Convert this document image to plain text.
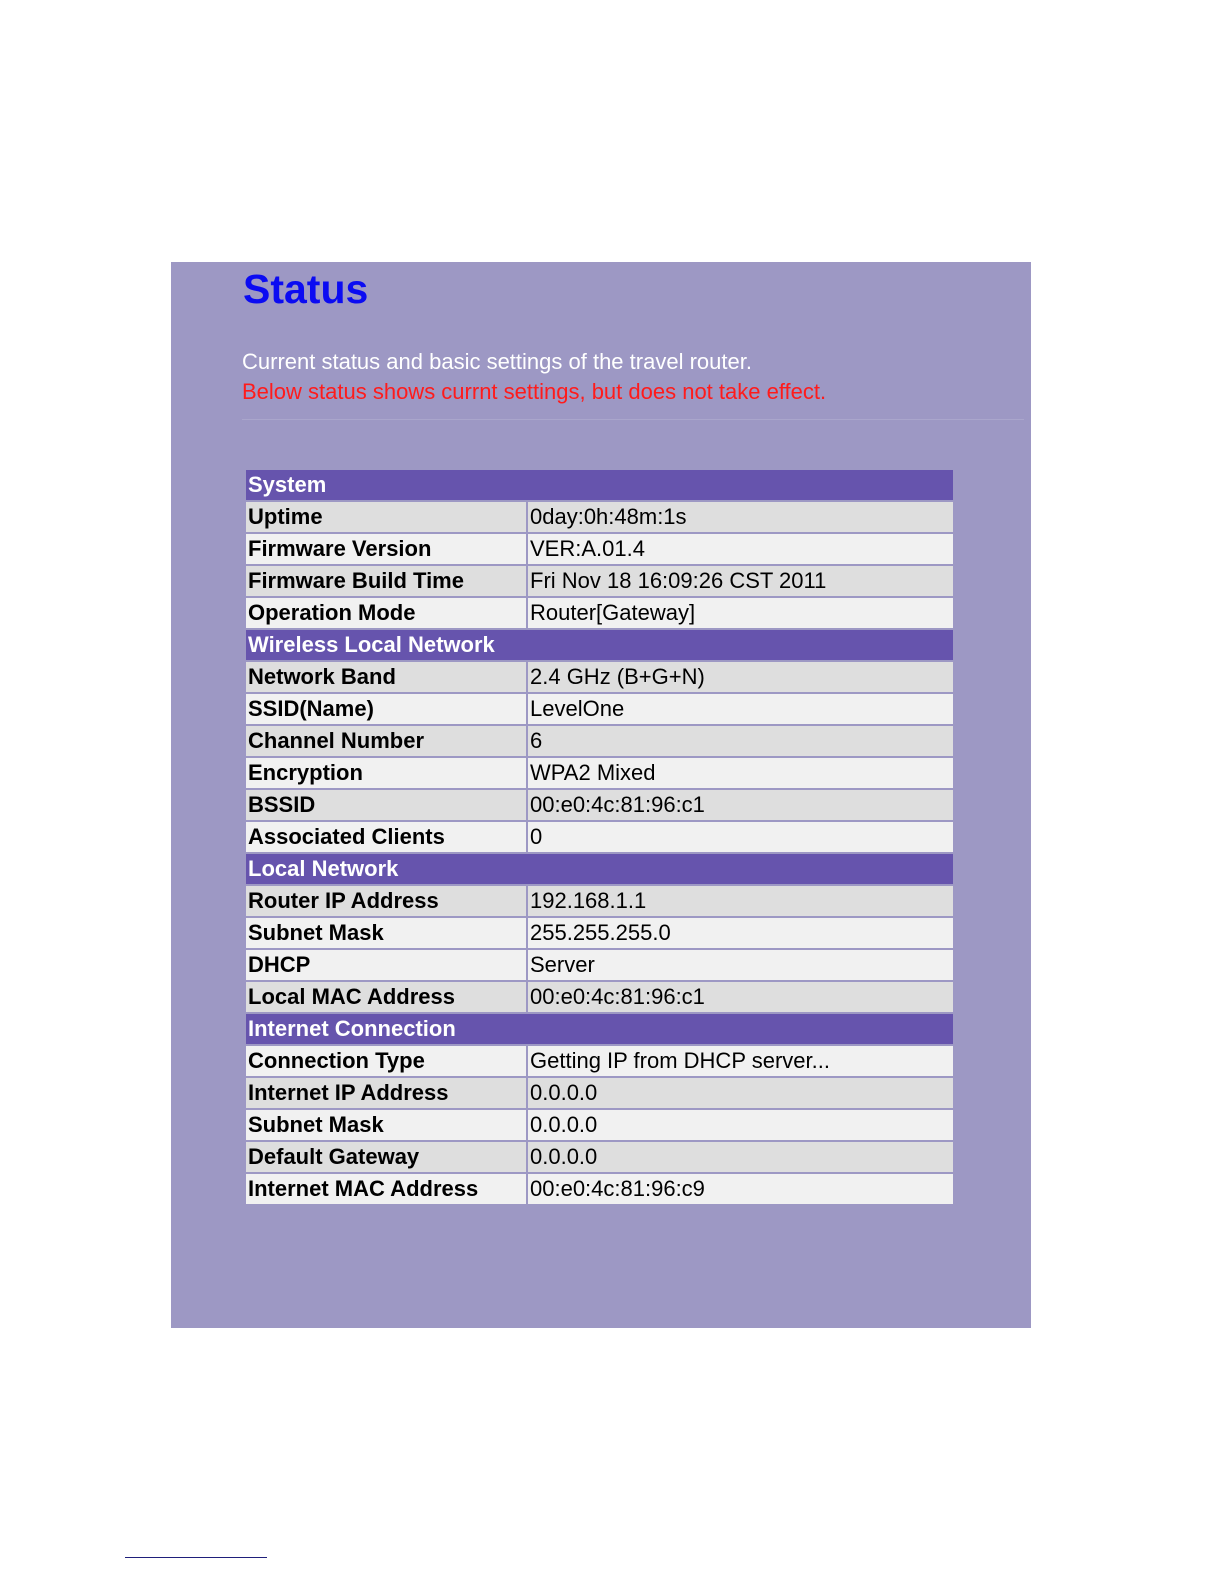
Status
Current status and basic settings of the travel router.
Below status shows currnt settings, but does not take effect.
System	
Uptime	0day:0h:48m:1s
Firmware Version	VER:A.01.4
Firmware Build Time	Fri Nov 18 16:09:26 CST 2011
Operation Mode	Router[Gateway]
Wireless Local Network	
Network Band	2.4 GHz (B+G+N)
SSID(Name)	LevelOne
Channel Number	6
Encryption	WPA2 Mixed
BSSID	00:e0:4c:81:96:c1
Associated Clients	0
Local Network	
Router IP Address	192.168.1.1
Subnet Mask	255.255.255.0
DHCP	Server
Local MAC Address	00:e0:4c:81:96:c1
Internet Connection	
Connection Type	Getting IP from DHCP server...
Internet IP Address	0.0.0.0
Subnet Mask	0.0.0.0
Default Gateway	0.0.0.0
Internet MAC Address	00:e0:4c:81:96:c9
